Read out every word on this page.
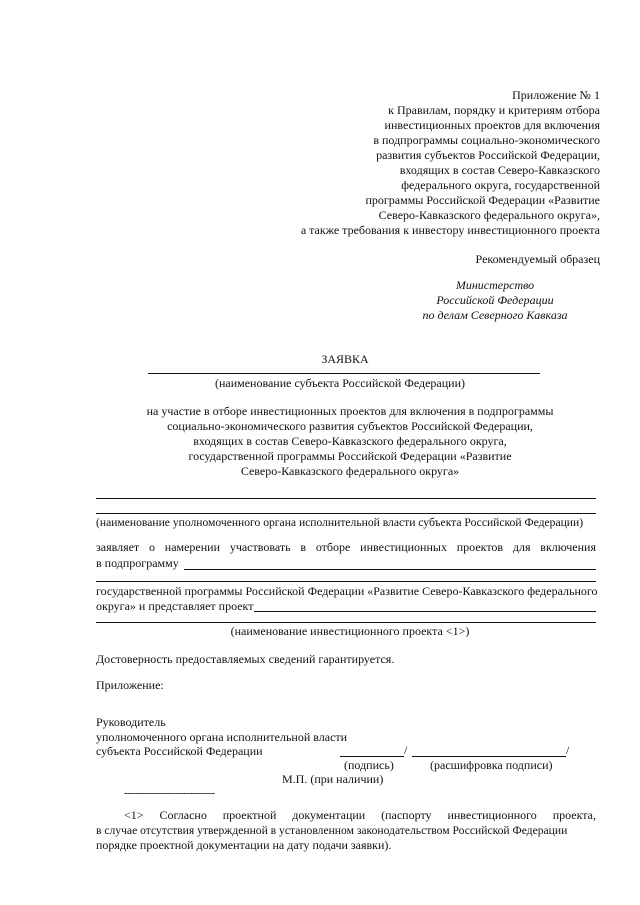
Приложение № 1
к Правилам, порядку и критериям отбора
инвестиционных проектов для включения
в подпрограммы социально-экономического
развития субъектов Российской Федерации,
входящих в состав Северо-Кавказского
федерального округа, государственной
программы Российской Федерации «Развитие
Северо-Кавказского федерального округа»,
а также требования к инвестору инвестиционного проекта
Рекомендуемый образец
Министерство
Российской Федерации
по делам Северного Кавказа
ЗАЯВКА
(наименование субъекта Российской Федерации)
на участие в отборе инвестиционных проектов для включения в подпрограммы
социально-экономического развития субъектов Российской Федерации,
входящих в состав Северо-Кавказского федерального округа,
государственной программы Российской Федерации «Развитие
Северо-Кавказского федерального округа»
(наименование уполномоченного органа исполнительной власти субъекта Российской Федерации)
заявляет о намерении участвовать в отборе инвестиционных проектов для включения
в подпрограмму
государственной программы Российской Федерации «Развитие Северо-Кавказского федерального
округа» и представляет проект
(наименование инвестиционного проекта <1>)
Достоверность предоставляемых сведений гарантируется.
Приложение:
Руководитель
уполномоченного органа исполнительной власти
субъекта Российской Федерации	/	/
(подпись)	(расшифровка подписи)
М.П. (при наличии)
--------------------------------
<1> Согласно проектной документации (паспорту инвестиционного проекта,
в случае отсутствия утвержденной в установленном законодательством Российской Федерации
порядке проектной документации на дату подачи заявки).
